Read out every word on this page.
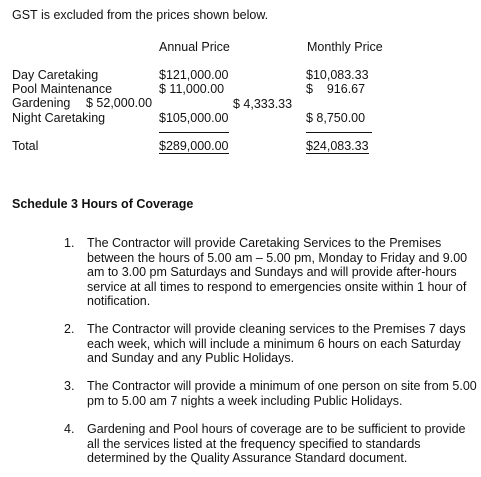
GST is excluded from the prices shown below.
Annual Price	Monthly Price
Day Caretaking	$121,000.00	$10,083.33
Pool Maintenance	$ 11,000.00	$    916.67
Gardening $ 52,000.00	$ 4,333.33
Night Caretaking	$105,000.00	$ 8,750.00
Total	$289,000.00	$24,083.33
Schedule 3 Hours of Coverage
1. The Contractor will provide Caretaking Services to the Premises between the hours of 5.00 am – 5.00 pm, Monday to Friday and 9.00 am to 3.00 pm Saturdays and Sundays and will provide after-hours service at all times to respond to emergencies onsite within 1 hour of notification.
2. The Contractor will provide cleaning services to the Premises 7 days each week, which will include a minimum 6 hours on each Saturday and Sunday and any Public Holidays.
3. The Contractor will provide a minimum of one person on site from 5.00 pm to 5.00 am 7 nights a week including Public Holidays.
4. Gardening and Pool hours of coverage are to be sufficient to provide all the services listed at the frequency specified to standards determined by the Quality Assurance Standard document.
